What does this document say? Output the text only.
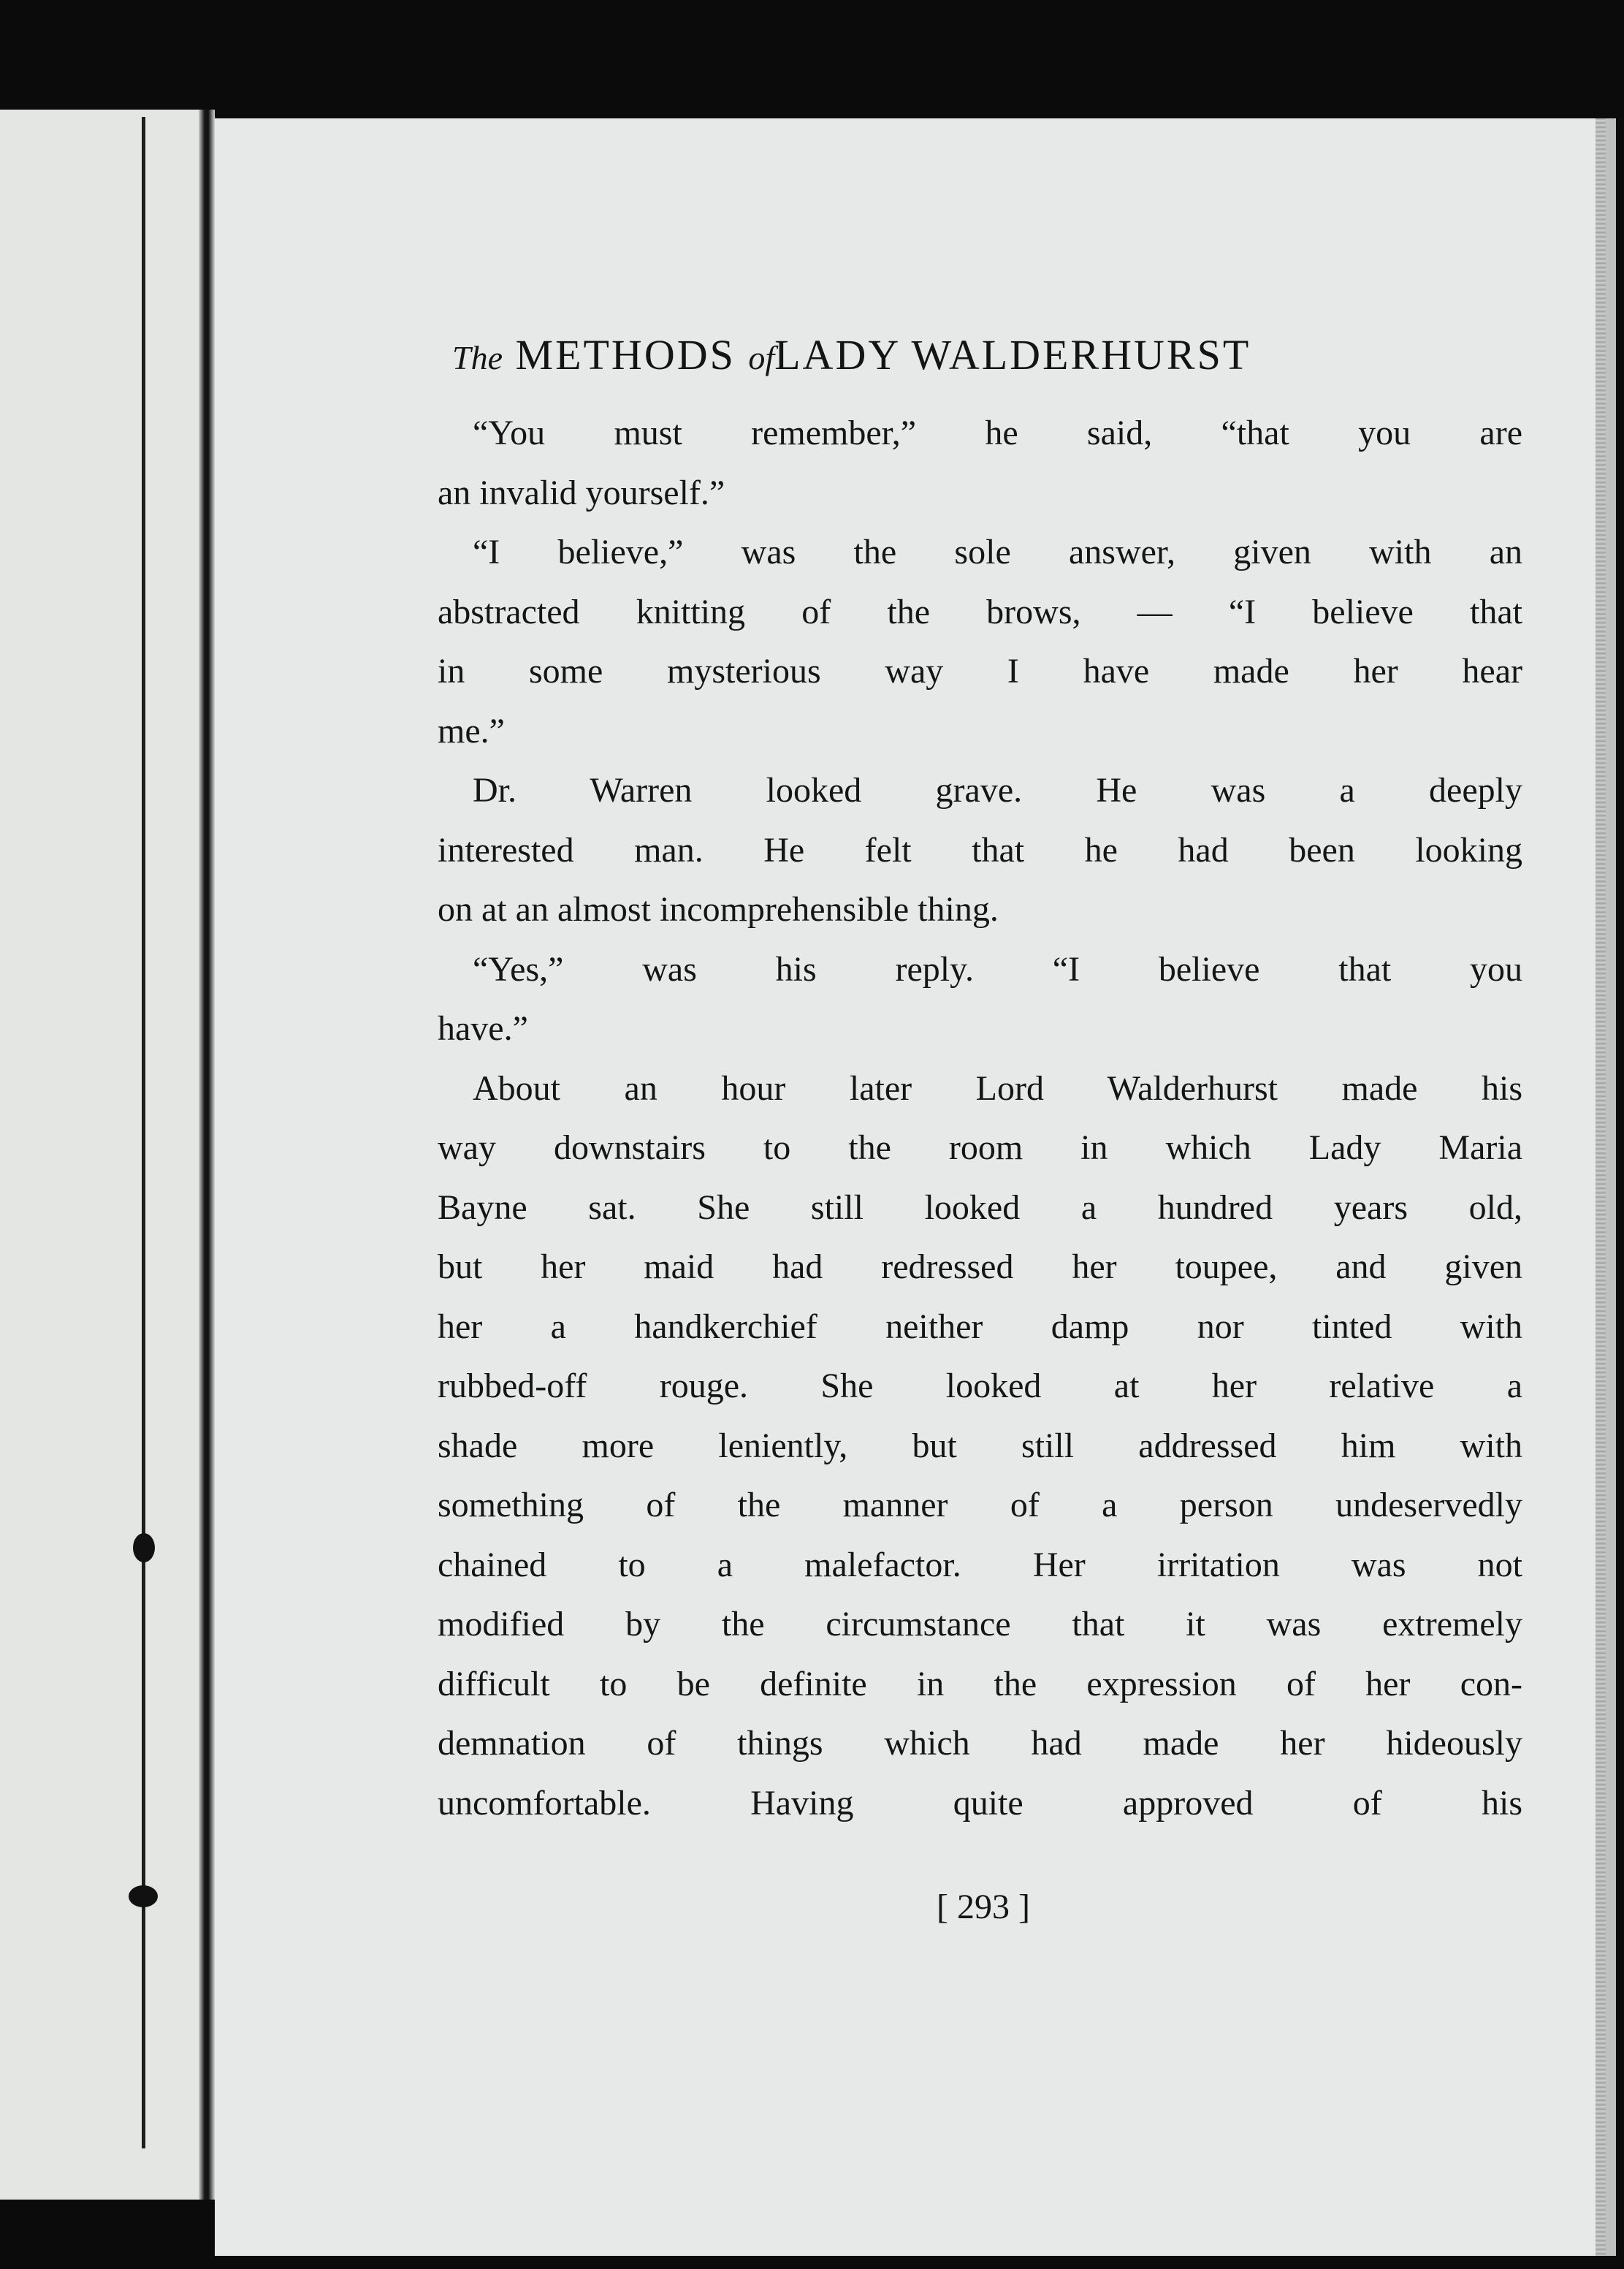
The METHODS ofLADY WALDERHURST
“You must remember,” he said, “that you are
an invalid yourself.”
“I believe,” was the sole answer, given with an
abstracted knitting of the brows, — “I believe that
in some mysterious way I have made her hear
me.”
Dr. Warren looked grave. He was a deeply
interested man. He felt that he had been looking
on at an almost incomprehensible thing.
“Yes,” was his reply. “I believe that you
have.”
About an hour later Lord Walderhurst made his
way downstairs to the room in which Lady Maria
Bayne sat. She still looked a hundred years old,
but her maid had redressed her toupee, and given
her a handkerchief neither damp nor tinted with
rubbed-off rouge. She looked at her relative a
shade more leniently, but still addressed him with
something of the manner of a person undeservedly
chained to a malefactor. Her irritation was not
modified by the circumstance that it was extremely
difficult to be definite in the expression of her con-
demnation of things which had made her hideously
uncomfortable. Having quite approved of his
[ 293 ]
